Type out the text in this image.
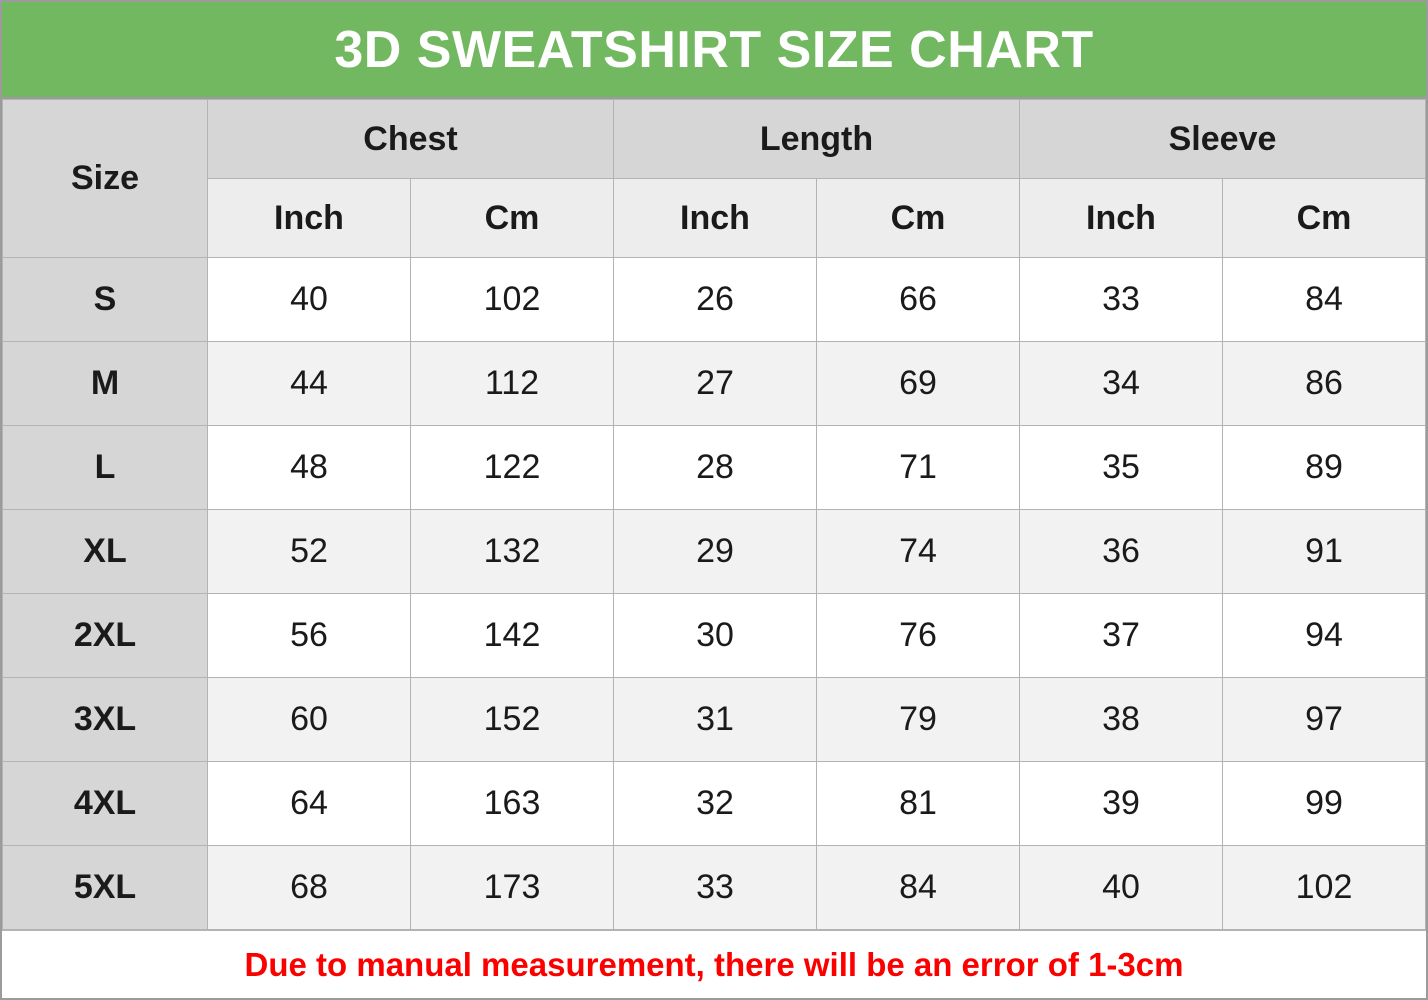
3D SWEATSHIRT SIZE CHART
Size	Chest		Length		Sleeve	
	Inch	Cm	Inch	Cm	Inch	Cm
S	40	102	26	66	33	84
M	44	112	27	69	34	86
L	48	122	28	71	35	89
XL	52	132	29	74	36	91
2XL	56	142	30	76	37	94
3XL	60	152	31	79	38	97
4XL	64	163	32	81	39	99
5XL	68	173	33	84	40	102
Due to manual measurement, there will be an error of 1-3cm
